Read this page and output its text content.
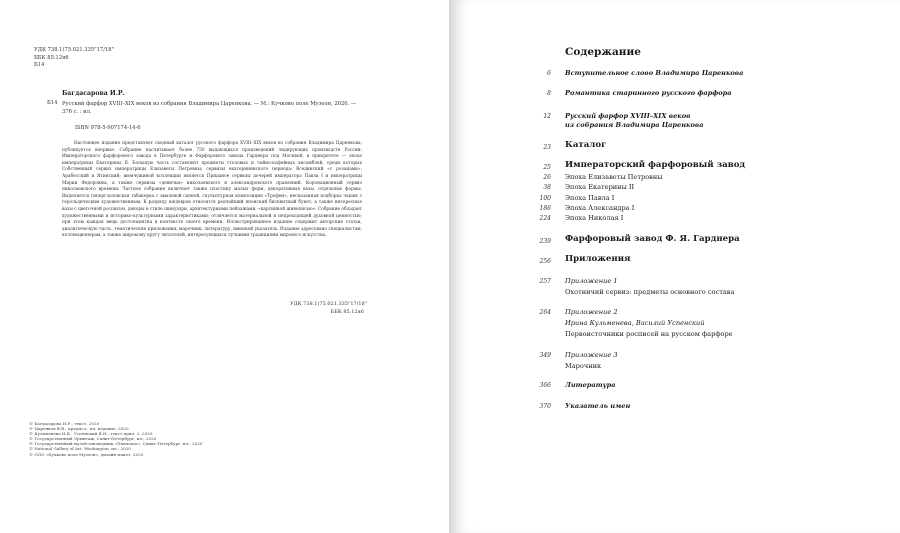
УДК 738.1(75.021.335"17/18"
ББК 85.12я6
Б14
Багдасарова И.Р.
Б14 Русский фарфор XVIII–XIX веков из собрания Владимира Царенкова. — М.: Кучково поле Музеон, 2020. — 376 с. : ил.
ISBN 978-5-907174-14-6
Настоящее издание представляет сводный каталог русского фарфора XVIII–XIX веков из собрания Владимира Царенкова; публикуется впервые. Собрание насчитывает более 750 выдающихся произведений лидирующих производств России: Императорского фарфорового завода в Петербурге и Фарфорового завода Гарднера под Москвой; в приоритете — эпоха императрицы Екатерины II. Большую часть составляют предметы столовых и чайно-кофейных ансамблей, среди которых Собственный сервиз императрицы Елизаветы Петровны; сервизы екатерининского периода: Всединский «с розанами», Арабесский и Ятинский; жемчужиной коллекции является Приданое сервизы дочерей императора Павла I и императрицы Марии Федоровны, а также сервизы «девичьи» николаевского и александровского правлений. Коронационный сервиз николаевского времени. Частное собрание включает также пластику малых форм, декоративные вазы, отдельные формы. Выделяется гиперглазовская табакерка с эмалевой сценой, скульптурная композиция «Трофеи», несказанная подборка чашек с герольдическим художественным. К разряду шедевров относится редчайший японский бисквитный букет, а также интересные вазы с цветочной росписью, декоры в стиле шинуазри, архитектурными пейзажами, «картинной живописью». Собрание обладает художественными и историко-культурными характеристиками; отличается материальной и непреходящей духовной ценностью; при этом каждая вещь достопамятна в контексте своего времени. Иллюстрированное издание содержит авторские статьи, аналитическую часть, тематические приложения, марочник, литературу, именной указатель. Издание адресовано специалистам, коллекционерам, а также широкому кругу читателей, интересующихся лучшими традициями мирового искусства.
УДК 738.1(75.021.335"17/18"
ББК 85.12я6
© Багдасарова И.Р., текст, 2020
© Царенков В.В., предисл., ил. издание, 2020
© Кулъменева И.К., Успенский В.Н., текст прил. 2, 2020
© Государственный Эрмитаж, Санкт-Петербург, ил., 2020
© Государственный музей-заповедник «Павловск», Санкт-Петербург, ил., 2020
© National Gallery of Art, Washington, ил., 2020
© ООО «Кучково поле Музеон», дизайн макет, 2020
Содержание
6 Вступительное слово Владимира Царенкова
8 Романтика старинного русского фарфора
12 Русский фарфор XVIII–XIX веков
из собрания Владимира Царенкова
23 Каталог
25 Императорский фарфоровый завод
26 Эпоха Елизаветы Петровны
38 Эпоха Екатерины II
100 Эпоха Павла I
186 Эпоха Александра I
224 Эпоха Николая I
239 Фарфоровый завод Ф. Я. Гарднера
256 Приложения
257 Приложение 1
Охотничий сервиз: предметы основного состава
264 Приложение 2
Ирина Кульменева, Василий Успенский
Первоисточники росписей на русском фарфоре
349 Приложение 3
Марочник
366 Литература
370 Указатель имен
